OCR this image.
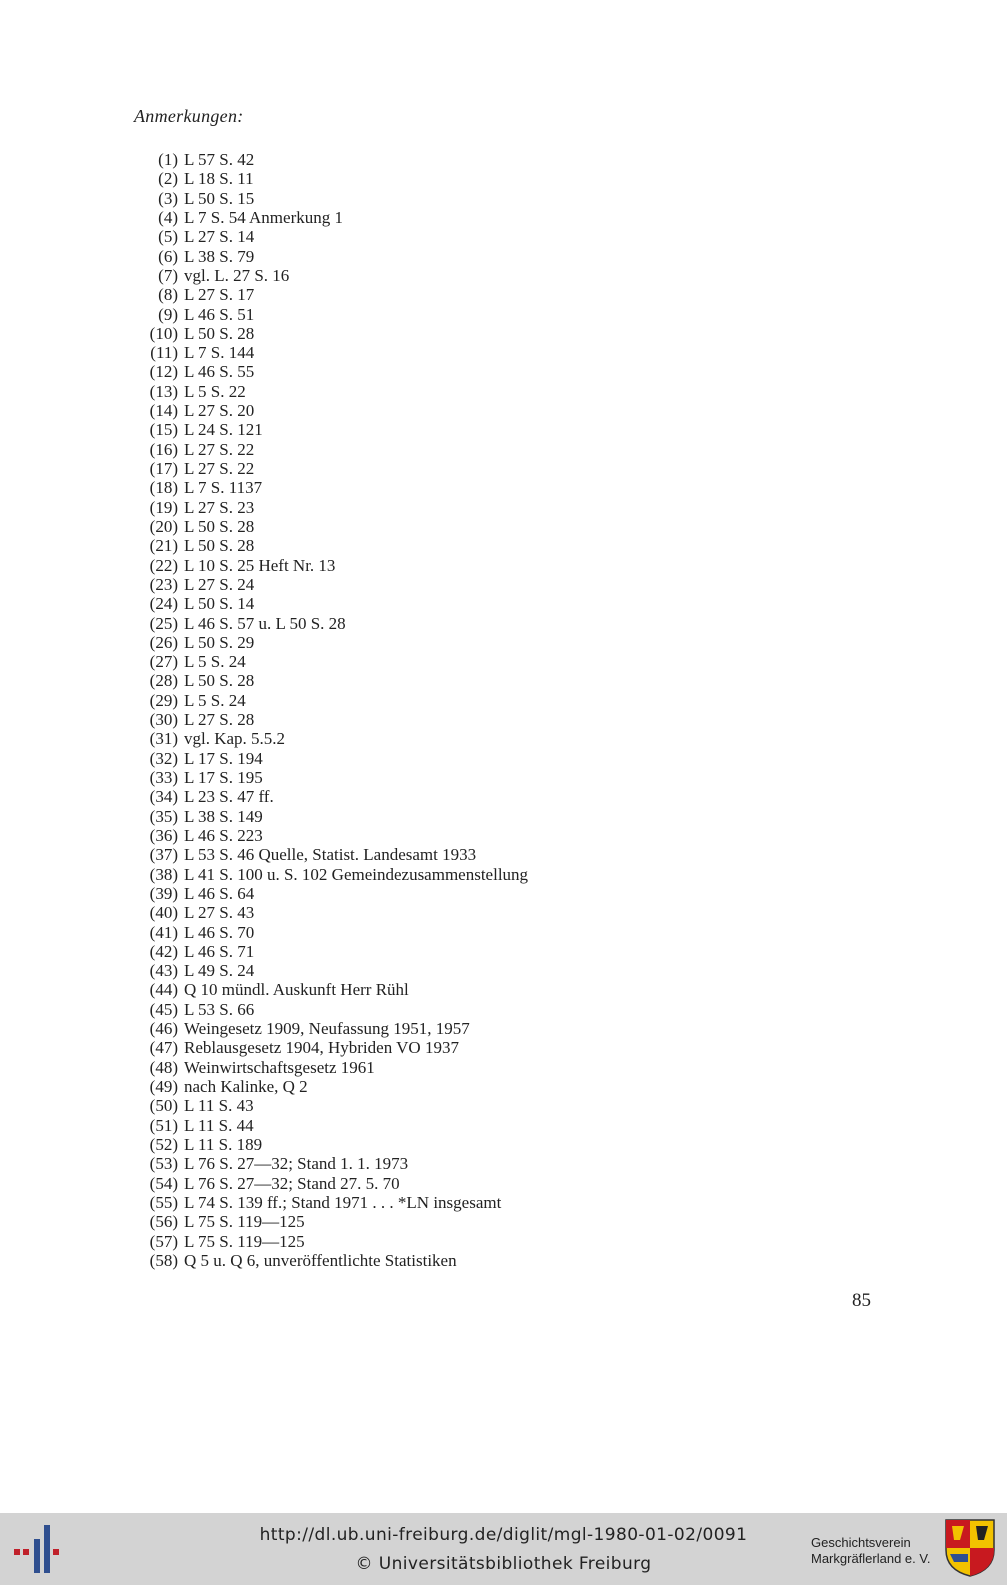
Anmerkungen:
(1) L 57 S. 42
(2) L 18 S. 11
(3) L 50 S. 15
(4) L 7 S. 54 Anmerkung 1
(5) L 27 S. 14
(6) L 38 S. 79
(7) vgl. L. 27 S. 16
(8) L 27 S. 17
(9) L 46 S. 51
(10) L 50 S. 28
(11) L 7 S. 144
(12) L 46 S. 55
(13) L 5 S. 22
(14) L 27 S. 20
(15) L 24 S. 121
(16) L 27 S. 22
(17) L 27 S. 22
(18) L 7 S. 1137
(19) L 27 S. 23
(20) L 50 S. 28
(21) L 50 S. 28
(22) L 10 S. 25 Heft Nr. 13
(23) L 27 S. 24
(24) L 50 S. 14
(25) L 46 S. 57 u. L 50 S. 28
(26) L 50 S. 29
(27) L 5 S. 24
(28) L 50 S. 28
(29) L 5 S. 24
(30) L 27 S. 28
(31) vgl. Kap. 5.5.2
(32) L 17 S. 194
(33) L 17 S. 195
(34) L 23 S. 47 ff.
(35) L 38 S. 149
(36) L 46 S. 223
(37) L 53 S. 46 Quelle, Statist. Landesamt 1933
(38) L 41 S. 100 u. S. 102 Gemeindezusammenstellung
(39) L 46 S. 64
(40) L 27 S. 43
(41) L 46 S. 70
(42) L 46 S. 71
(43) L 49 S. 24
(44) Q 10 mündl. Auskunft Herr Rühl
(45) L 53 S. 66
(46) Weingesetz 1909, Neufassung 1951, 1957
(47) Reblausgesetz 1904, Hybriden VO 1937
(48) Weinwirtschaftsgesetz 1961
(49) nach Kalinke, Q 2
(50) L 11 S. 43
(51) L 11 S. 44
(52) L 11 S. 189
(53) L 76 S. 27—32; Stand 1. 1. 1973
(54) L 76 S. 27—32; Stand 27. 5. 70
(55) L 74 S. 139 ff.; Stand 1971 . . . *LN insgesamt
(56) L 75 S. 119—125
(57) L 75 S. 119—125
(58) Q 5 u. Q 6, unveröffentlichte Statistiken
85
http://dl.ub.uni-freiburg.de/diglit/mgl-1980-01-02/0091
© Universitätsbibliothek Freiburg
Geschichtsverein
Markgräflerland e. V.
